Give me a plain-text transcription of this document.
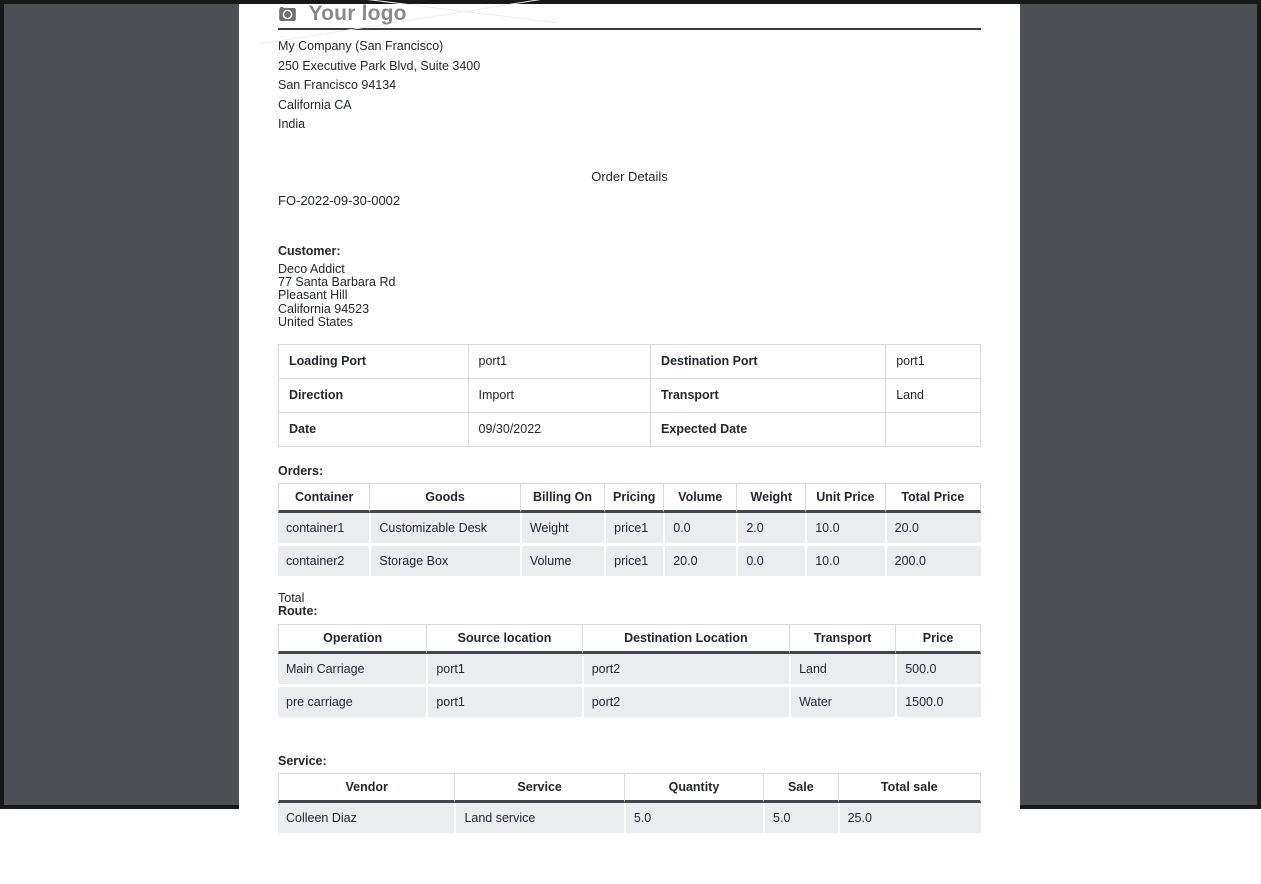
Your logo
My Company (San Francisco)
250 Executive Park Blvd, Suite 3400
San Francisco 94134
California CA
India
Order Details
FO-2022-09-30-0002
Customer:
Deco Addict
77 Santa Barbara Rd
Pleasant Hill
California 94523
United States
Loading Port	port1	Destination Port	port1
Direction	Import	Transport	Land
Date	09/30/2022	Expected Date	
Orders:
Container	Goods	Billing On	Pricing	Volume	Weight	Unit Price	Total Price
container1	Customizable Desk	Weight	price1	0.0	2.0	10.0	20.0
container2	Storage Box	Volume	price1	20.0	0.0	10.0	200.0
Total
Route:
Operation	Source location	Destination Location	Transport	Price
Main Carriage	port1	port2	Land	500.0
pre carriage	port1	port2	Water	1500.0
Service:
Vendor	Service	Quantity	Sale	Total sale
Colleen Diaz	Land service	5.0	5.0	25.0
